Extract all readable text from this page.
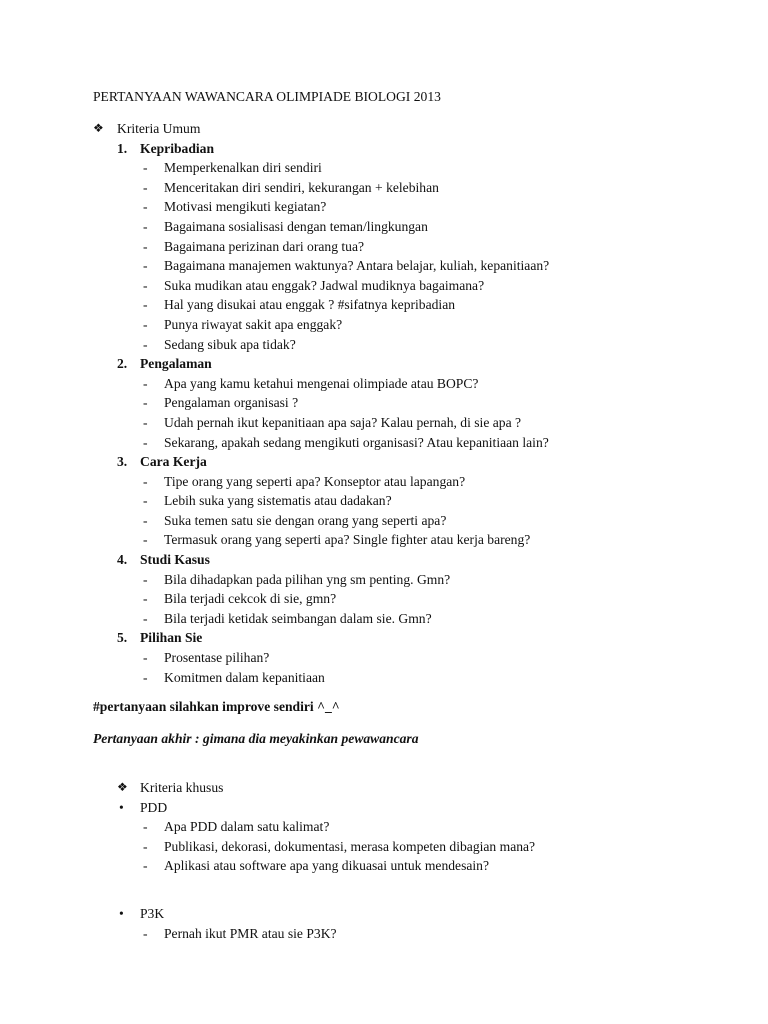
PERTANYAAN WAWANCARA OLIMPIADE BIOLOGI 2013
❖ Kriteria Umum
1. Kepribadian
- Memperkenalkan diri sendiri
- Menceritakan diri sendiri, kekurangan + kelebihan
- Motivasi mengikuti kegiatan?
- Bagaimana sosialisasi dengan teman/lingkungan
- Bagaimana perizinan dari orang tua?
- Bagaimana manajemen waktunya? Antara belajar, kuliah, kepanitiaan?
- Suka mudikan atau enggak? Jadwal mudiknya bagaimana?
- Hal yang disukai atau enggak ? #sifatnya kepribadian
- Punya riwayat sakit apa enggak?
- Sedang sibuk apa tidak?
2. Pengalaman
- Apa yang kamu ketahui mengenai olimpiade atau BOPC?
- Pengalaman organisasi ?
- Udah pernah ikut kepanitiaan apa saja? Kalau pernah, di sie apa ?
- Sekarang, apakah sedang mengikuti organisasi? Atau kepanitiaan lain?
3. Cara Kerja
- Tipe orang yang seperti apa? Konseptor atau lapangan?
- Lebih suka yang sistematis atau dadakan?
- Suka temen satu sie dengan orang yang seperti apa?
- Termasuk orang yang seperti apa? Single fighter atau kerja bareng?
4. Studi Kasus
- Bila dihadapkan pada pilihan yng sm penting. Gmn?
- Bila terjadi cekcok di sie, gmn?
- Bila terjadi ketidak seimbangan dalam sie. Gmn?
5. Pilihan Sie
- Prosentase pilihan?
- Komitmen dalam kepanitiaan
#pertanyaan silahkan improve sendiri ^_^
Pertanyaan akhir : gimana dia meyakinkan pewawancara
❖ Kriteria khusus
• PDD
- Apa PDD dalam satu kalimat?
- Publikasi, dekorasi, dokumentasi, merasa kompeten dibagian mana?
- Aplikasi atau software apa yang dikuasai untuk mendesain?
• P3K
- Pernah ikut PMR atau sie P3K?
